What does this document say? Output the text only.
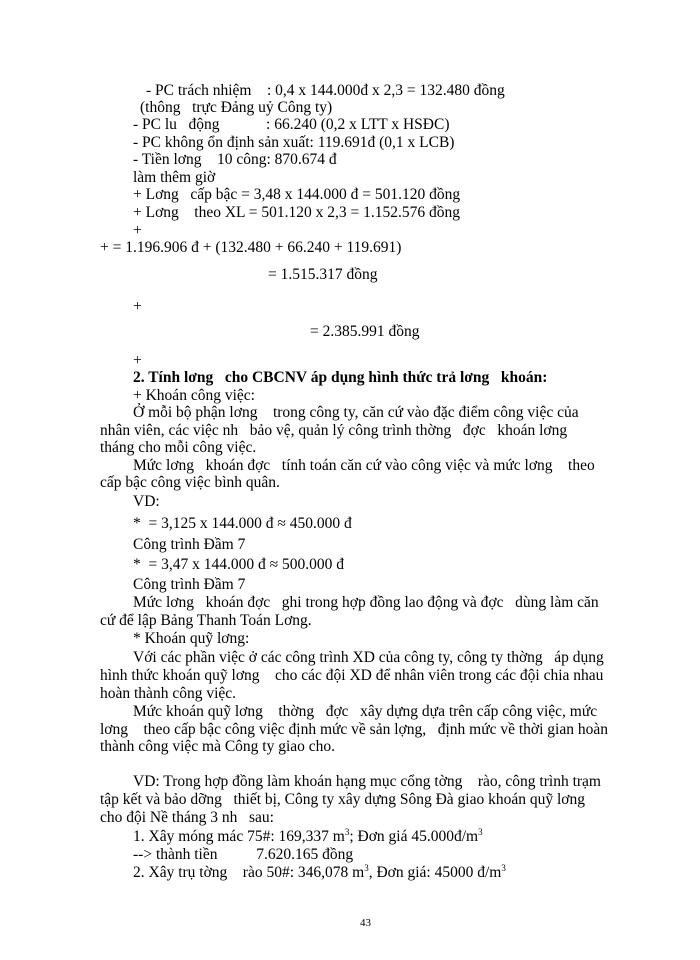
- PC trách nhiệm    : 0,4 x 144.000đ x 2,3 = 132.480 đồng
(thông   trực Đảng uỷ Công ty)
- PC lu   động            : 66.240 (0,2 x LTT x HSĐC)
- PC không ổn định sản xuất: 119.691đ (0,1 x LCB)
- Tiền lơng    10 công: 870.674 đ
làm thêm giờ
+ Lơng   cấp bậc = 3,48 x 144.000 đ = 501.120 đồng
+ Lơng    theo XL = 501.120 x 2,3 = 1.152.576 đồng
+
+ = 1.196.906 đ + (132.480 + 66.240 + 119.691)
= 1.515.317 đồng
+
= 2.385.991 đồng
+
2. Tính lơng   cho CBCNV áp dụng hình thức trả lơng   khoán:
+ Khoán công việc:
Ở mỗi bộ phận lơng    trong công ty, căn cứ vào đặc điểm công việc của
nhân viên, các việc nh   bảo vệ, quản lý công trình thờng   đợc   khoán lơng
tháng cho mỗi công việc.
Mức lơng   khoán đợc   tính toán căn cứ vào công việc và mức lơng    theo
cấp bậc công việc bình quân.
VD:
*  = 3,125 x 144.000 đ ≈ 450.000 đ
Công trình Đầm 7
*  = 3,47 x 144.000 đ ≈ 500.000 đ
Công trình Đầm 7
Mức lơng   khoán đợc   ghi trong hợp đồng lao động và đợc   dùng làm căn
cứ để lập Bảng Thanh Toán Lơng.
* Khoán quỹ lơng:
Với các phần việc ở các công trình XD của công ty, công ty thờng   áp dụng
hình thức khoán quỹ lơng    cho các đội XD để nhân viên trong các đội chia nhau
hoàn thành công việc.
Mức khoán quỹ lơng    thờng   đợc   xây dựng dựa trên cấp công việc, mức
lơng    theo cấp bậc công việc định mức về sản lợng,   định mức về thời gian hoàn
thành công việc mà Công ty giao cho.
VD: Trong hợp đồng làm khoán hạng mục cổng tờng    rào, công trình trạm
tập kết và bảo dỡng   thiết bị, Công ty xây dựng Sông Đà giao khoán quỹ lơng
cho đội Nề tháng 3 nh   sau:
1. Xây móng mác 75#: 169,337 $m^3$; Đơn giá $45.000đ/m^3$
--> thành tiền          7.620.165 đồng
2. Xây trụ tờng    rào 50#: 346,078 $m^3$, Đơn giá: 45000 $đ/m^3$
43
